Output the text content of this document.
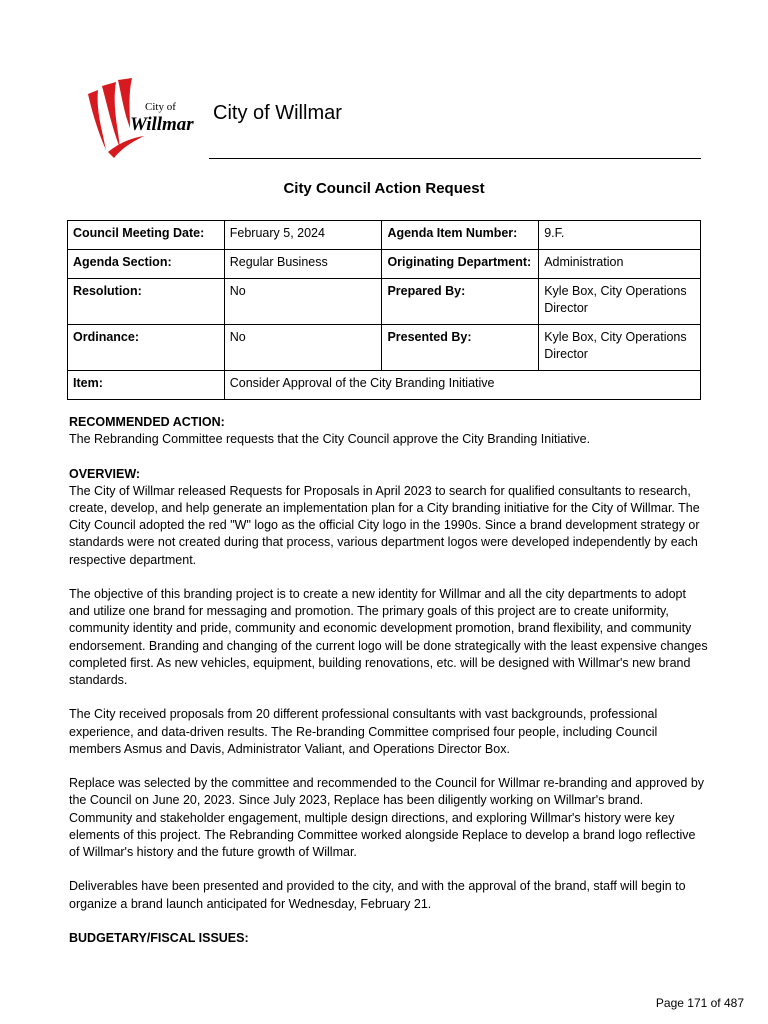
City of
Willmar
City of Willmar
City Council Action Request
Council Meeting Date:	February 5, 2024	Agenda Item Number:	9.F.
Agenda Section:	Regular Business	Originating Department:	Administration
Resolution:	No	Prepared By:	Kyle Box, City Operations Director
Ordinance:	No	Presented By:	Kyle Box, City Operations Director
Item:	Consider Approval of the City Branding Initiative		
RECOMMENDED ACTION:

The Rebranding Committee requests that the City Council approve the City Branding Initiative.

OVERVIEW:

The City of Willmar released Requests for Proposals in April 2023 to search for qualified consultants to research, create, develop, and help generate an implementation plan for a City branding initiative for the City of Willmar. The City Council adopted the red "W" logo as the official City logo in the 1990s. Since a brand development strategy or standards were not created during that process, various department logos were developed independently by each respective department.

The objective of this branding project is to create a new identity for Willmar and all the city departments to adopt and utilize one brand for messaging and promotion. The primary goals of this project are to create uniformity, community identity and pride, community and economic development promotion, brand flexibility, and community endorsement. Branding and changing of the current logo will be done strategically with the least expensive changes completed first. As new vehicles, equipment, building renovations, etc. will be designed with Willmar's new brand standards.

The City received proposals from 20 different professional consultants with vast backgrounds, professional experience, and data-driven results. The Re-branding Committee comprised four people, including Council members Asmus and Davis, Administrator Valiant, and Operations Director Box.

Replace was selected by the committee and recommended to the Council for Willmar re-branding and approved by the Council on June 20, 2023. Since July 2023, Replace has been diligently working on Willmar's brand. Community and stakeholder engagement, multiple design directions, and exploring Willmar's history were key elements of this project. The Rebranding Committee worked alongside Replace to develop a brand logo reflective of Willmar's history and the future growth of Willmar.

Deliverables have been presented and provided to the city, and with the approval of the brand, staff will begin to organize a brand launch anticipated for Wednesday, February 21.

BUDGETARY/FISCAL ISSUES:
Page 171 of 487
